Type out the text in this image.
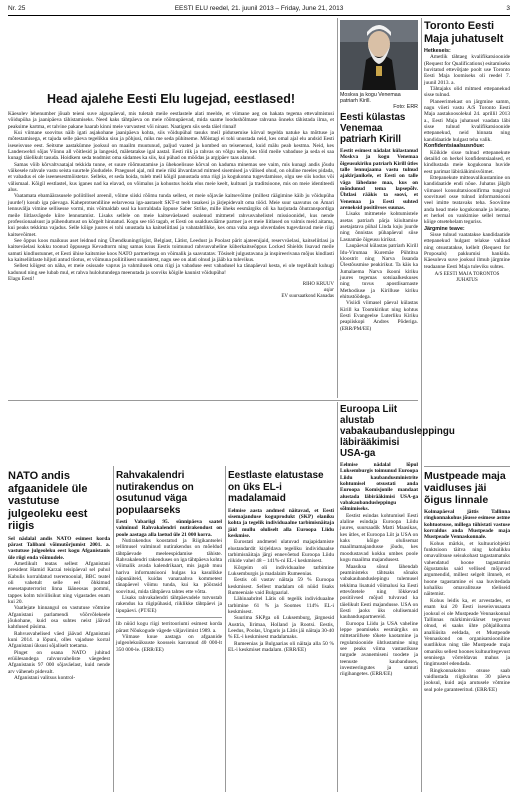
Nr. 25	EESTI ELU reedel, 21. juunil 2013 – Friday, June 21, 2013	3
Head ajalehe Eesti Elu lugejad, eestlased!

Käesolev lehenumber jõuab teieni suve alguspäeval, mis tuletab meile eestlastele alati meelde, et viimane aeg on hakata tegema ettevalmistusi võidupüha ja jaanipäeva tähistamiseks. Need kaks tähtpäeva on meie rõõmupäevad, mida saame loodushõlmase rahvana õnneks tähistada ilma, et peaksime kartma, et talvine pakane haarab kinni meie varvastest või ninast. Naatigem siis seda täiel rinnal!

Kui viimane soovitus näib igati asjakohane jaanipäeva kohta, siis võidupühal tasuks meil pidutsemise kõrval tegelda natuke ka mõttuse ja mõtestamisega, et tajuda selle päeva tegelikku sisu ja põhjusi, miks me seda pühitseme. Mõistagi ei tohi unustada neid, kes omal ajal elu andsid Eesti iseseisvuse eest. Seitsme aastakümne jooksul on maailm muutunud, paljud vaated ja kombed on teisenenud, kuid mälu peab kestma. Neid, kes Landeswehri sõjas Võnnu all võitlesid ja langesid, mäletatakse igal aastal. Eesti riik ja rahvas on võlgu neile, kes tõid meile vabaduse ja seda ei saa kunagi täielikult tasuda. Hoidkem seda teadmist oma südames ka siis, kui pühad on möödas ja argipäev taas alanud.

Samas võib kõrvaltvaatajal tekkida tunne, et suure rõõmustamise ja ühekoelisuse kõrval on kaduma minemas see vaim, mis kunagi andis jõudu väikesele rahvale vastu seista suurtele jõududele. Praegusel ajal, mil meie riiki ähvardavad mitmed sisemised ja välised ohud, on oluline meeles pidada, et vabadus ei ole iseenesestmõistetav. Selleks, et seda hoida, tuleb meil kõigil panustada oma riigi ja kogukonna tugevdamisse, olgu see siis kodus või välismaal. Kõigil eestlastel, kus iganes nad ka elavad, on võimalus ja kohustus hoida elus meie keelt, kultuuri ja traditsioone, mis on meie identiteedi alus.

Vaatamata ebamäärasusele poliitilisel areenil, võime siiski rõõmu tunda sellest, et meie sõjaväe kaitsevõime (millest räägimine käib ju võidupüha juurde!) kosub iga päevaga. Kaheprotsendiline eelarveosa iga-aastaselt SKT-st teeb tasakesi ja järjepidevalt oma tööd. Meie suur saavutus on Ämari lennuvälja vimine sellisesse vormi, mis võimaldab seal ka korraldada õppuse Saber Strike, mille üheks eesmärgiks oli ka harjutada õhutranspordiga meile liitlasvägede kiire lennutamist. Lisaks sellele on meie kaitseväelased osalenud mitmetel rahvusvahelistel missioonidel, kus nende professionaalsust ja pühendumust on kõrgelt hinnatud. Kogu see töö tagab, et Eesti on usaldusväärne partner ja et meie liitlased on valmis meid aitama, kui peaks tekkima vajadus. Selle kõige juures ei tohi unustada ka kaitseliitlasi ja vabatahtlikke, kes oma vaba aega ohverdades tugevdavad meie riigi kaitsevõimet.

See õppus koos maikuus aset leidnud ning Ühendkuningriigist, Belgiast, Lätist, Leedust ja Poolast pärit ajateenijaid, reservväelasi, kaitseliitlasi ja kaitseväelasi kokku toonud õppusega Kevadtorm ning samas kuus Eestis toimunud rahvusvaheline küberkaitseõppus Locked Shields lisavad meile samuti kindlustunnet, et Eesti ühise kaitsmise koos NATO partneritega on võimalik ja saavutatav. Tõsiselt julgustavana ja inspireerivana mõjus kindlasti ka kaitseliitlaste hiljuti antud tõotus, et võimuna poliitilisest suunistest, nagu see on alati olnud ja jääb ka tulevikus.

Sellest kõigest on näha, et meie osissade vaprus ja vahmilusek oma riigi ja vabaduse eest vabadusel ka tänapäeval kesta, ei ole tegelikult kuhugi kadunud ning see lubab mul, et rahva hulolutundega meenutada ja sooviks kõigile kaunist võidupüha!

Elagu Eesti!

RIHO KRUUV
asjur
EV suursaatkond Kanadas
Moskva ja kogu Venemaa patriarh Kirill.
Foto: ERR
Eesti külastas Venemaa patriarh Kirill

Eestit esimest nädalat külastanud Moskva ja kogu Venemaa õigeusukiriku patriarh Kirill ütles talle lennujaama vastu tulnud ajakirjanikele, et Eesti on talle väga lähedane maa, kus on mõndunud tema lapsepõlv. Ühtlasi rääkis ta sooví, et Venemaa ja Eesti suhted areneksid positiivses suunas.

Lisaks mitmetele kohtumistele asetas patriarh pärja kiiultamise asetajatava pühal Linda kuju juurde ning õnnistas pühapäeval siise Lasnamäe õigeusu kirikut.

Laupäeval külastas patriarh Kirill Idu-Virumaa Kuremäe Pühtitsa kloostrit ning Narva Issanda Ülestõusmise peakirikut. Ta käis ka Jumalaema Narva ikooni kiriku juures tegemas sotsiaalkeskuses ning tuvus apostlisarnaste Methodiuse ja Kirilluse kiriku ehitustöödega.

Visiidi viimasel päeval külastas Kirill ka Toomkirikut ning kohtus Eesti Evangeelse Luterliku Kiriku peapiiskopi Andres Põderiga. (ERR/PM/EE)

Toronto Eesti Maja juhatuselt
Hetkeseis:

Ametlik tähtaeg kvalifikatsioonide (Request for Qualifications) esitamiseks huvitatud ettevõtjate poolt use Toronto Eesti Maja loomiseks oli reedel 7. juunil 2013. a.

Tähtajaks olid mitmed ettepanekud sisse tulnud.

Planeerimekast on järgmine samm, nagu viieti vastu A/S Toronto Eesti Maja aastakoosolekul 24. aprillil 2013 a., Eesti Maja juhatusel vaadata läbi sisse tulnud kvalifikatsioonide ettepanekud, neid hinnata ning kandidaatide hulgast teha valik.

Konfidentsiaalsusnõue:

Kõikide sisse tulnud ettepanekute detailid on herkel konfidentsiaalsed, et kindlustada meie kogukonna huvide eest parimat läbirääkimisvõimet.

Ettepanekute mitteavalikustamine on kandidaatide endi nõue. Juhatus jälgib viimasel konsultatsioonifirma tungival soovitusel osse tulnud informatsiooni veel imitte teatavaks teha. Sooviime anda head meie kogukonnale ja leiame, et herkel on vankimise sellel termal kõige otsetehelam teguriss.

Järgmine teave:

Sisse tulnud vaatatakse kandidaatide ettepanekud hulgast telakse valikud ning otsustatakse, kellelt (Request for Proposals) pakkumisi hankida. Käesoleva suve jooksul ilmub järgmine teadaanne Eesti Maja tuleviku suhtes.

A/S EESTI MAJA TORONTOS JUHATUS
Mustpeade maja vaidluses jäi õigus linnale

Kolmapäeval jättis Tallinna ringkonnakohus jõusse esimese astme kohtuotsuse, millega tühistati vastuse korraldus anda Mustpeade maja Mustpeade Vennaskonnale.

Kohus märkis, et kultuuriobjekti funktsioon täitva ning kohalikku omavalitsuse seisukohast tagastamatuks vahendatud hoone tagastamist õigustatuks said vellised mõjuvad argumendid, millest selgelt ilmneb, et hoone tagastamine ei saa huvitedada kohaliku omavalitsuse tõeliseid näitemist.

Kohus leidis ka, et arvestades, et enam kui 20 Eesti iseseisvusaasta jooksul ei ole Mustpeade Vennaskonnal Tallinnas märkimisväärset tegevust olnud, ei saaks ühte pöhjalikuma analüüsita eeldada, et Mustpeade Vennaskond on organisatsiooniline suutlikkus ning täie Mustpeade maja omaniku sellest hoones kultuuritegevust sennisega võrreldavas mahus ja tingimustel edendada.

Ringkonnakohtu otsuse saab vaidlustada riigikohtus 30 päeva jooksul, kuid asja arutusele võtmine seal pole garanteeritud. (ERR/EE)

Euroopa Liit alustab vabakaubandusleppingu läbirääkimisi USA-ga

Eelmise nädalal lõpul Luksemburgis toimunud Euroopa Liidu kaubandusministrite kohtumisel otsustati anda Euroopa Komisjonile mandaat alustada läbirääkimisi USA-ga vabakaubandusleppingu sõlmimiseks.

Eestist esindas kohtumisel Eesti alaline esindaja Euroopa Liidu juures, suursaadik Matti Maasikas, kes ütles, et Euroopa Liit ja USA on kaks kõige olulisemat maailmamajandusse jõudu, kes moodustavad kokku umbes poole kogu maailma majandusest.

Maasiksa sõnul lähendab peaministeks tähtsaks sõnaks vabakaubanduslepingu tulemusel tekkima lisatuid võimalusi ka Eesti ettevõtetele ning lõkkevad positiivsed mõjud tulvavad ka täielikult Eesti majandusse. USA on Eesti jaoks üks olulisemaid kaubanduspartnereid.

Euroopa Liidu ja USA vaheline leppe peamiseks eesmärgiks on mittetariifsete tõkete kaotamine ja regulatsioonide ühtlustamine ning see peaks viima vastastikuse turgude avanemiseni toodete ja teenuste kaubanduses, investeeringutes ja samuti riigihangetes. (ERR/EE)

NATO andis afgaanidele üle vastutuse julgeoleku eest riigis

Sel nädalal andis NATO esimest korda pärast Talibani võimutõrjumist 2001. a. vastutuse julgeoleku eest kogu Afganistanis üle riigi enda võimudele.

Ametlikult teatas sellest Afganistani president Hamid Karzai teisipäeval sel puhul Kabulis korraldatud tseremoonial, BBC teatel oli vahetult selle eel õhkimud enesetaputerrorist linna lääneosas pommi, tappes kolm tsiviilisikut ning vigastades enam kui 20.

Vaatlejate hinnangul on vastutuse võtmine Afganistani parlamendi võõrvõlekeele jõukohane, kuid osa suhtes neist jäävad kahtlused püsima.

Rahvusvahelised väed jäävad Afganistani kuni 2014. a lõpuni, olles vajaduse korral Afganistani üksusi sõjaliselt toetama.

Pinget on osana NATO juhitud erüülesandega rahvusvaheliste väegedest Afganistanis 97 000 sõjaväelast, kuid nende arv väheneb pidevalt.

Afganistani valitsus kontrol-

Rahvakalendri nutirakendus on osutunud väga populaarseks

Eesti Vabariigi 95. sünnipäeva saatel valminud Rahvakalendri nutirakendust on poole aastaga alla laetud üle 21 000 korra.

Nutirakendus koostatud ja Riigikantselei tellimusel valminud nutirakendus on mõeldud tähtpäevade meeleespidamise tähiste. Rahvakalendri rakenduses on iga tähtpäeva kohta võimalik avada kalendrikaart, mis jagab muu hariva informatsiooni hulgas ka kasulikke näpunäiteid, kuidas vanaraahva kommetest tänapäevel võimu tunda, kui ka pöörasid soovitusi, mida tähtpäeva tahtes ette võtta.

Lisaks rahvakalendri tähtpäevadele tutvustab rakendus ka riigipühasid, riiklikke tähtpäevi ja lipupäevi. (PT/EE)

lib nüüd kogu riigi territooriumi esimest korda pärast Nõukogude vägede väljaviimist 1989. a.

Viimase kuue aastaga on afgaanide julgeolekuüksuste koosseis kasvanud 40 000-lt 350 000-le. (ERR/EE)

Eestlaste elatustase on üks EL-i madalamaid

Eelmise aasta andmed näitavad, et Eesti sisemajanduse koguprodukt (SKP) elaniku kohta ja tegelik individuaalne tarbimisnäitaja jäid mullu oluliselt alla Euroopa Liidu keskmise.

Eurostati andmetel ulatuvad majapidamiste elustandardit kirjeldava tegeliku individuaalse tarbimisnäitaja järgi ennevõetud Euroopa Liidu riikide vahel 48 – 141%-ni EL-i keskmisest.

Kõrgeim oli individuaalne tarbimine Luksemburgis ja madalaim Rumeenias.

Eestis oli vastav näitaja 59 % Euroopa keskmisest. Sellest madalam oli nüüd lisaks Rumeeniale vaid Bulgaarial.

Lähinaabritel Lätis oli tegelik individuaalne tarbimine 61 % ja Soomes 114% EL-i keskmisest.

Suurima SKPga oli Luksemburg, järgnesid Austria, Iirimaa, Holland ja Rootsi. Eestis, Leedus, Poolas, Ungaris ja Lätis jäi näitaja 30-40 % EL-i keskmisest madalamaks.

Rumeenias ja Bulgaarias oli näitaja alla 50 % EL-i keskmiset madalam. (ERR/EE)
